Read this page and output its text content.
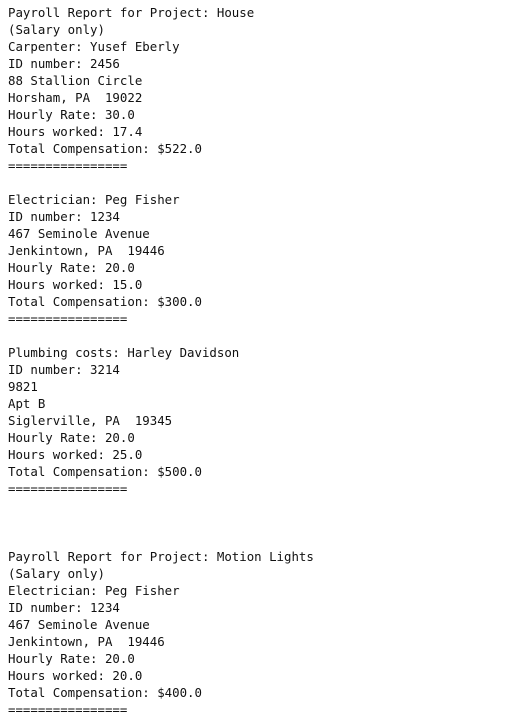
Payroll Report for Project: House
(Salary only)
Carpenter: Yusef Eberly
ID number: 2456
88 Stallion Circle
Horsham, PA  19022
Hourly Rate: 30.0
Hours worked: 17.4
Total Compensation: $522.0
================
Electrician: Peg Fisher
ID number: 1234
467 Seminole Avenue
Jenkintown, PA  19446
Hourly Rate: 20.0
Hours worked: 15.0
Total Compensation: $300.0
================
Plumbing costs: Harley Davidson
ID number: 3214
9821
Apt B
Siglerville, PA  19345
Hourly Rate: 20.0
Hours worked: 25.0
Total Compensation: $500.0
================
Payroll Report for Project: Motion Lights
(Salary only)
Electrician: Peg Fisher
ID number: 1234
467 Seminole Avenue
Jenkintown, PA  19446
Hourly Rate: 20.0
Hours worked: 20.0
Total Compensation: $400.0
================
